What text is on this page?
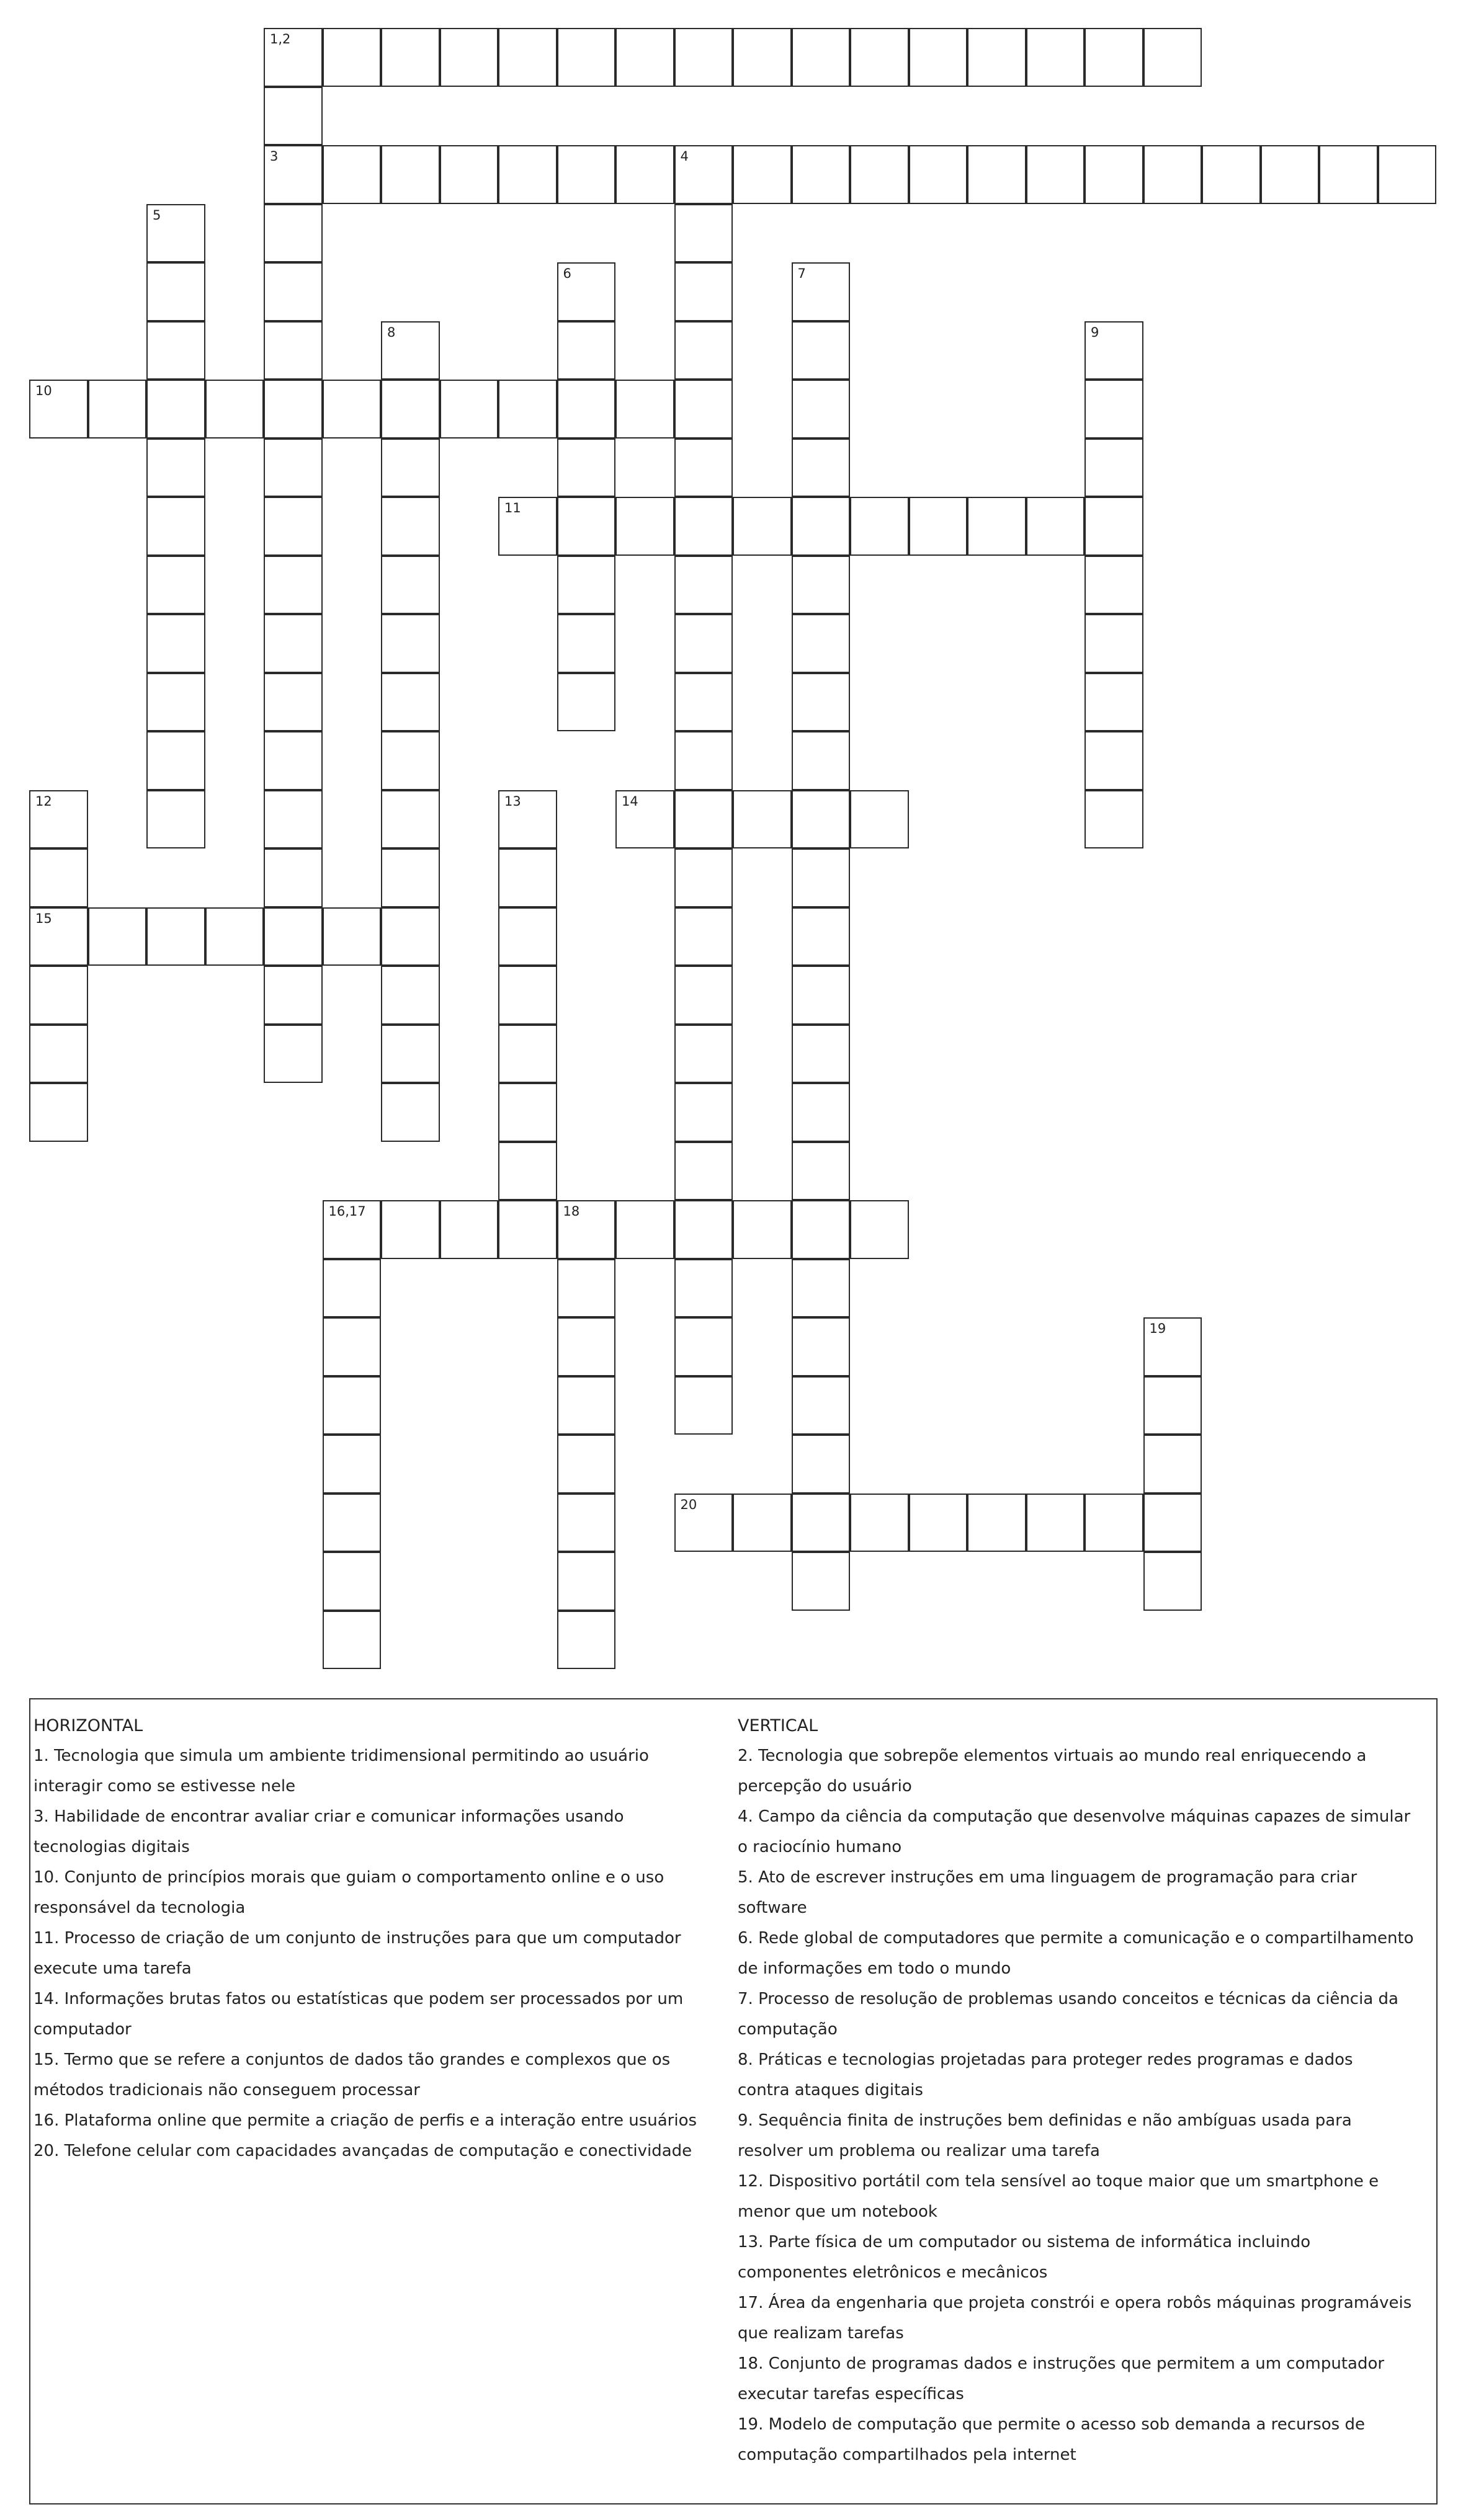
1,2
3	4
5
6	7
8	9
10
11
12	13	14
15
16,17	18
19
20

HORIZONTAL

1. Tecnologia que simula um ambiente tridimensional permitindo ao usuário

interagir como se estivesse nele

3. Habilidade de encontrar avaliar criar e comunicar informações usando

tecnologias digitais

10. Conjunto de princípios morais que guiam o comportamento online e o uso

responsável da tecnologia

11. Processo de criação de um conjunto de instruções para que um computador

execute uma tarefa

14. Informações brutas fatos ou estatísticas que podem ser processados por um

computador

15. Termo que se refere a conjuntos de dados tão grandes e complexos que os

métodos tradicionais não conseguem processar

16. Plataforma online que permite a criação de perfis e a interação entre usuários

20. Telefone celular com capacidades avançadas de computação e conectividade

VERTICAL

2. Tecnologia que sobrepõe elementos virtuais ao mundo real enriquecendo a

percepção do usuário

4. Campo da ciência da computação que desenvolve máquinas capazes de simular

o raciocínio humano

5. Ato de escrever instruções em uma linguagem de programação para criar

software

6. Rede global de computadores que permite a comunicação e o compartilhamento

de informações em todo o mundo

7. Processo de resolução de problemas usando conceitos e técnicas da ciência da

computação

8. Práticas e tecnologias projetadas para proteger redes programas e dados

contra ataques digitais

9. Sequência finita de instruções bem definidas e não ambíguas usada para

resolver um problema ou realizar uma tarefa

12. Dispositivo portátil com tela sensível ao toque maior que um smartphone e

menor que um notebook

13. Parte física de um computador ou sistema de informática incluindo

componentes eletrônicos e mecânicos

17. Área da engenharia que projeta constrói e opera robôs máquinas programáveis

que realizam tarefas

18. Conjunto de programas dados e instruções que permitem a um computador

executar tarefas específicas

19. Modelo de computação que permite o acesso sob demanda a recursos de

computação compartilhados pela internet
